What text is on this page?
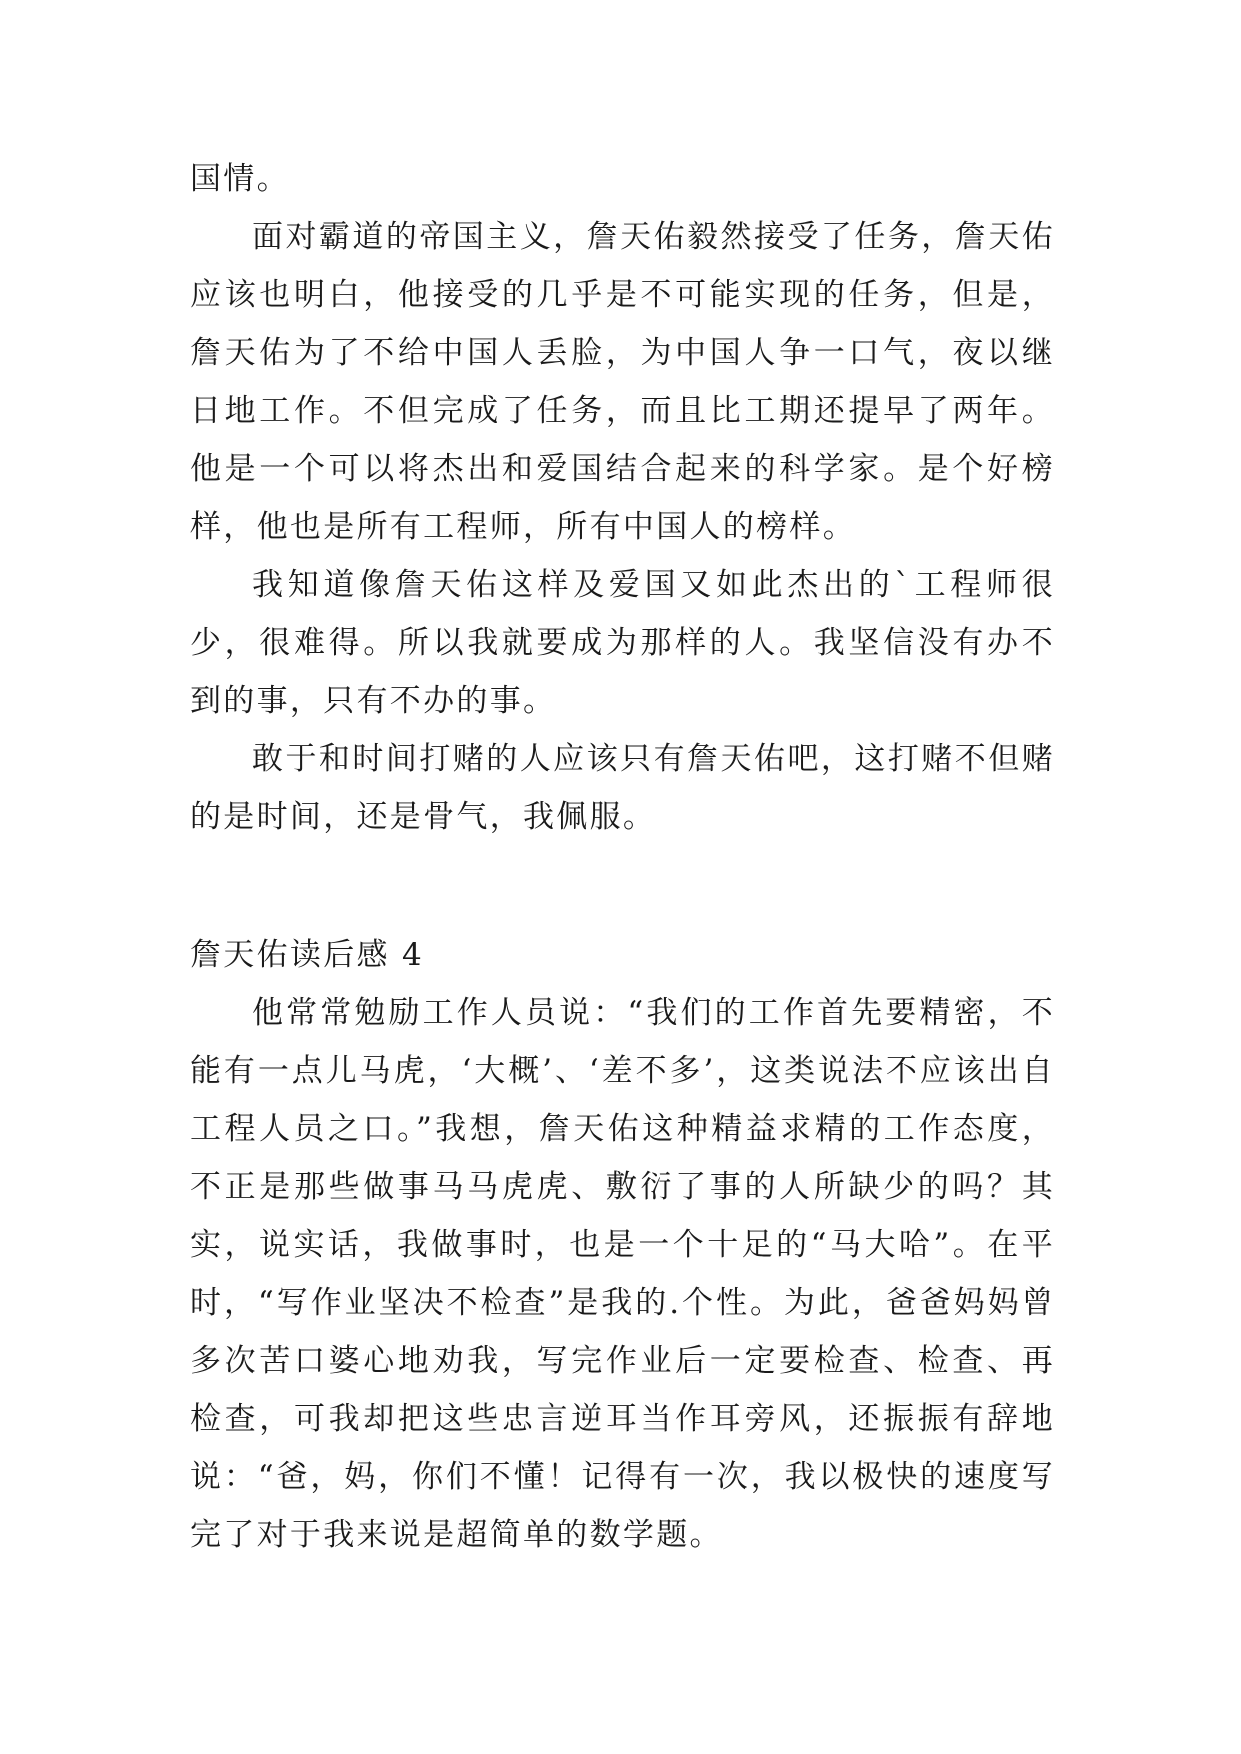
国情。

面对霸道的帝国主义，詹天佑毅然接受了任务，詹天佑应该也明白，他接受的几乎是不可能实现的任务，但是，詹天佑为了不给中国人丢脸，为中国人争一口气，夜以继日地工作。不但完成了任务，而且比工期还提早了两年。他是一个可以将杰出和爱国结合起来的科学家。是个好榜样，他也是所有工程师，所有中国人的榜样。

我知道像詹天佑这样及爱国又如此杰出的`工程师很少，很难得。所以我就要成为那样的人。我坚信没有办不到的事，只有不办的事。

敢于和时间打赌的人应该只有詹天佑吧，这打赌不但赌的是时间，还是骨气，我佩服。

詹天佑读后感 4

他常常勉励工作人员说：“我们的工作首先要精密，不能有一点儿马虎，‘大概’、‘差不多’，这类说法不应该出自工程人员之口。”我想，詹天佑这种精益求精的工作态度，不正是那些做事马马虎虎、敷衍了事的人所缺少的吗？其实，说实话，我做事时，也是一个十足的“马大哈”。在平时，“写作业坚决不检查”是我的.个性。为此，爸爸妈妈曾多次苦口婆心地劝我，写完作业后一定要检查、检查、再检查，可我却把这些忠言逆耳当作耳旁风，还振振有辞地说：“爸，妈，你们不懂！记得有一次，我以极快的速度写完了对于我来说是超简单的数学题。
